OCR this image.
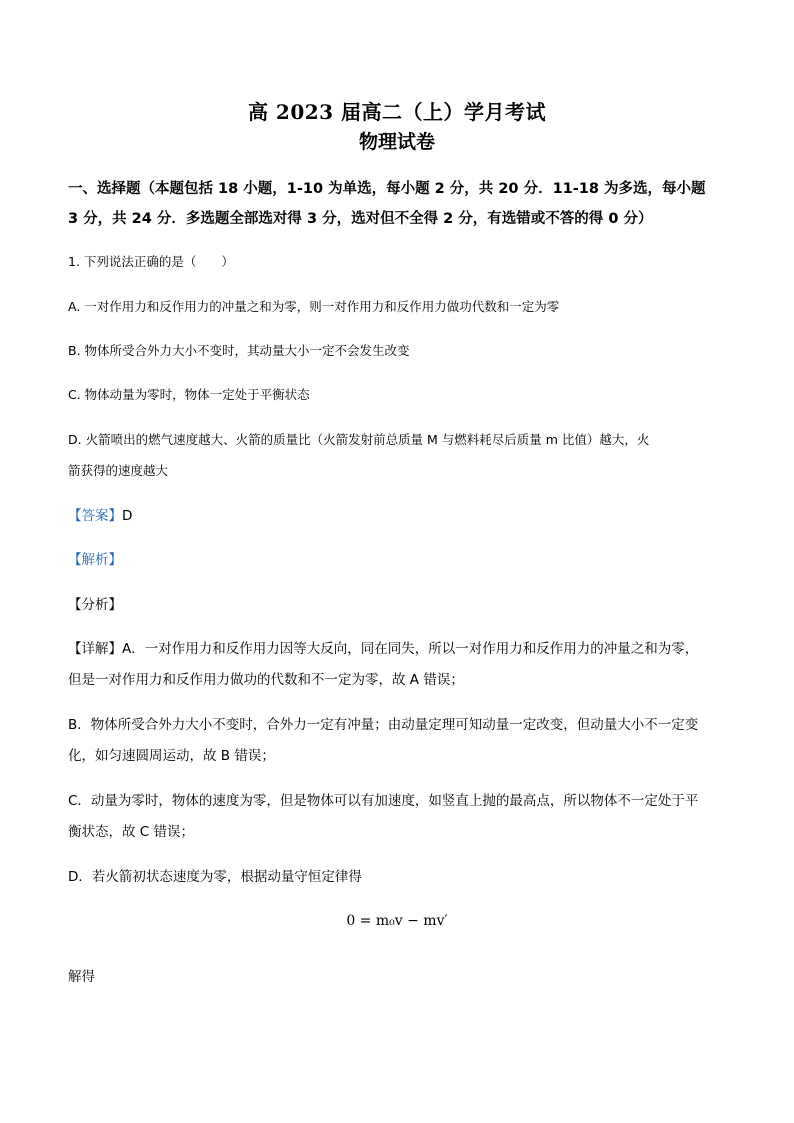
高 2023 届高二（上）学月考试
物理试卷
一、选择题（本题包括 18 小题，1-10 为单选，每小题 2 分，共 20 分．11-18 为多选，每小题
3 分，共 24 分．多选题全部选对得 3 分，选对但不全得 2 分，有选错或不答的得 0 分）
1. 下列说法正确的是（　　）
A. 一对作用力和反作用力的冲量之和为零，则一对作用力和反作用力做功代数和一定为零
B. 物体所受合外力大小不变时，其动量大小一定不会发生改变
C. 物体动量为零时，物体一定处于平衡状态
D. 火箭喷出的燃气速度越大、火箭的质量比（火箭发射前总质量 M 与燃料耗尽后质量 m 比值）越大，火
箭获得的速度越大
【答案】D
【解析】
【分析】
【详解】A．一对作用力和反作用力因等大反向，同在同失，所以一对作用力和反作用力的冲量之和为零，
但是一对作用力和反作用力做功的代数和不一定为零，故 A 错误；
B．物体所受合外力大小不变时，合外力一定有冲量；由动量定理可知动量一定改变，但动量大小不一定变
化，如匀速圆周运动，故 B 错误；
C．动量为零时，物体的速度为零，但是物体可以有加速度，如竖直上抛的最高点，所以物体不一定处于平
衡状态，故 C 错误；
D．若火箭初状态速度为零，根据动量守恒定律得
0 = m₀v − mv′
解得
